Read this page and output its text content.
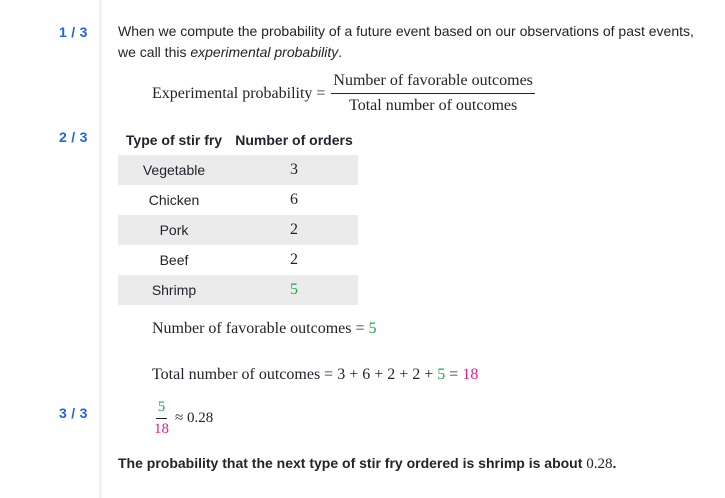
1 / 3
2 / 3
3 / 3
When we compute the probability of a future event based on our observations of past events, we call this experimental probability.
Experimental probability = $\frac{\text{Number of favorable outcomes}}{\text{Total number of outcomes}}$
Type of stir fry	Number of orders
Vegetable	3
Chicken	6
Pork	2
Beef	2
Shrimp	5
Number of favorable outcomes = 5
Total number of outcomes = 3 + 6 + 2 + 2 + 5 = 18
$\frac{5}{18} \approx 0.28$
The probability that the next type of stir fry ordered is shrimp is about 0.28.
